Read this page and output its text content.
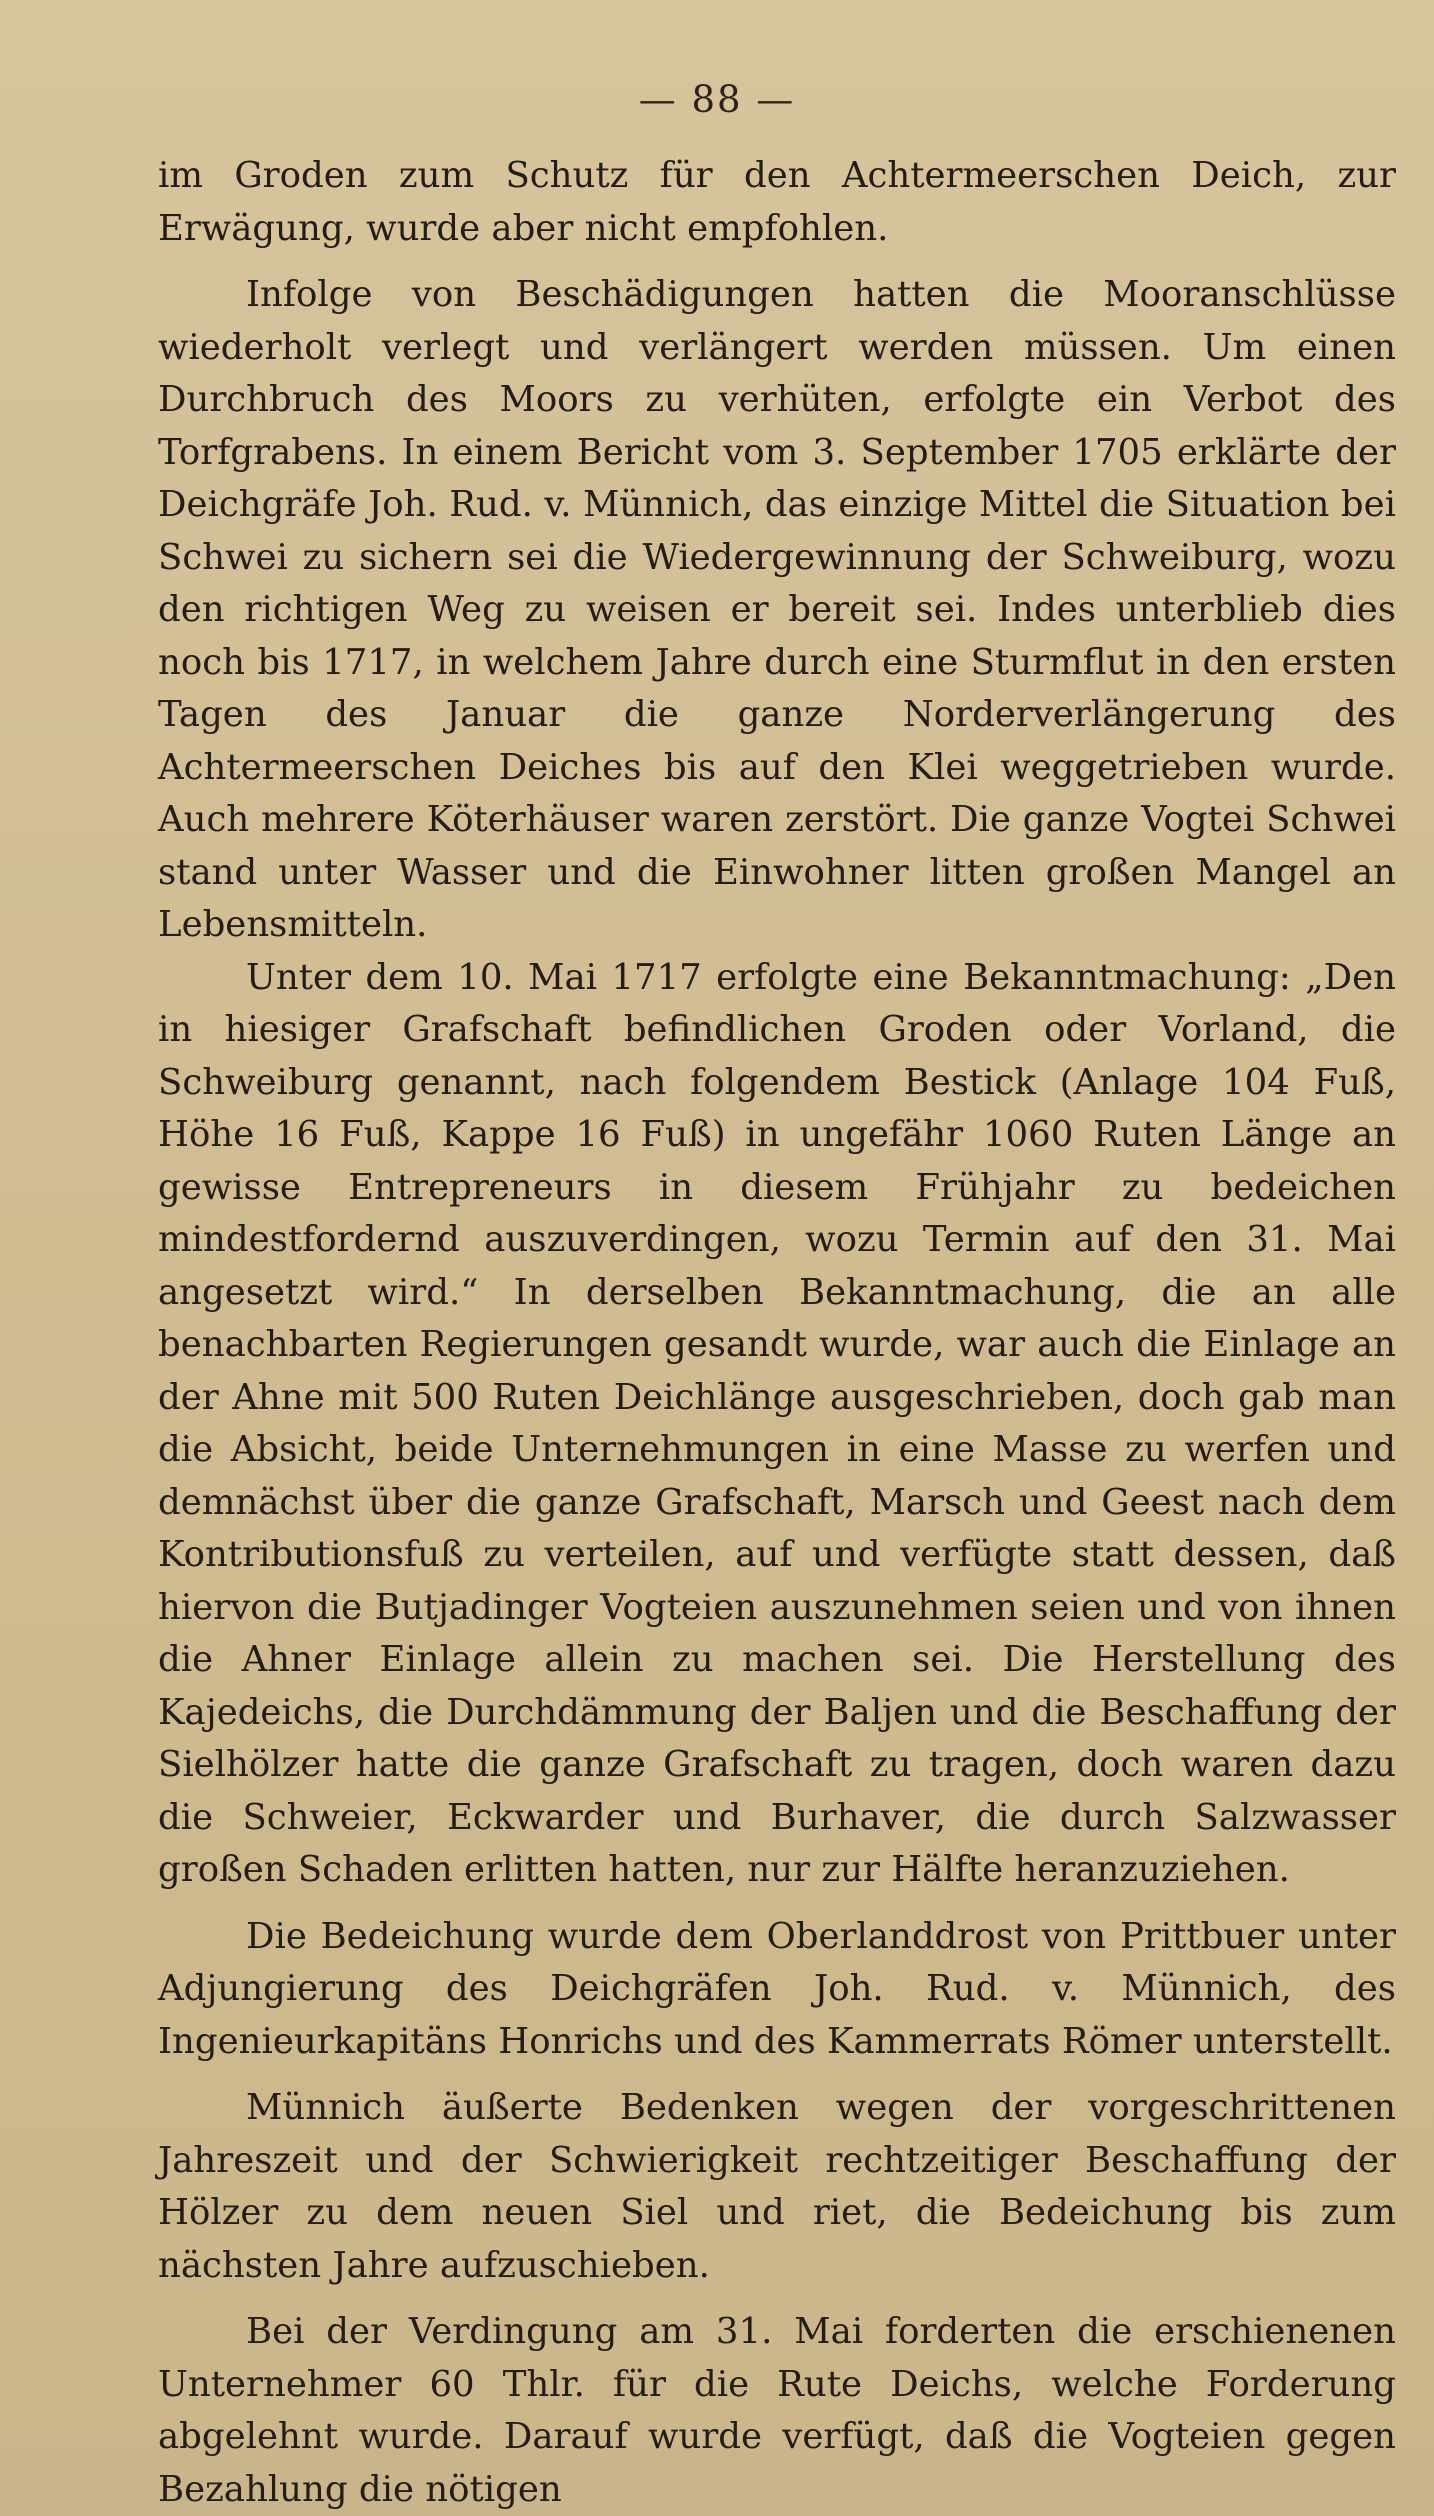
— 88 —

im Groden zum Schutz für den Achtermeerschen Deich, zur Erwägung, wurde aber nicht empfohlen.

Infolge von Beschädigungen hatten die Mooranschlüsse wiederholt verlegt und verlängert werden müssen. Um einen Durchbruch des Moors zu verhüten, erfolgte ein Verbot des Torfgrabens. In einem Bericht vom 3. September 1705 erklärte der Deichgräfe Joh. Rud. v. Münnich, das einzige Mittel die Situation bei Schwei zu sichern sei die Wiedergewinnung der Schweiburg, wozu den richtigen Weg zu weisen er bereit sei. Indes unterblieb dies noch bis 1717, in welchem Jahre durch eine Sturmflut in den ersten Tagen des Januar die ganze Norderverlängerung des Achtermeerschen Deiches bis auf den Klei weggetrieben wurde. Auch mehrere Köterhäuser waren zerstört. Die ganze Vogtei Schwei stand unter Wasser und die Einwohner litten großen Mangel an Lebensmitteln.

Unter dem 10. Mai 1717 erfolgte eine Bekanntmachung: „Den in hiesiger Grafschaft befindlichen Groden oder Vorland, die Schweiburg genannt, nach folgendem Bestick (Anlage 104 Fuß, Höhe 16 Fuß, Kappe 16 Fuß) in ungefähr 1060 Ruten Länge an gewisse Entrepreneurs in diesem Frühjahr zu bedeichen mindestfordernd auszuverdingen, wozu Termin auf den 31. Mai angesetzt wird.“ In derselben Bekanntmachung, die an alle benachbarten Regierungen gesandt wurde, war auch die Einlage an der Ahne mit 500 Ruten Deichlänge ausgeschrieben, doch gab man die Absicht, beide Unternehmungen in eine Masse zu werfen und demnächst über die ganze Grafschaft, Marsch und Geest nach dem Kontributionsfuß zu verteilen, auf und verfügte statt dessen, daß hiervon die Butjadinger Vogteien auszunehmen seien und von ihnen die Ahner Einlage allein zu machen sei. Die Herstellung des Kajedeichs, die Durchdämmung der Baljen und die Beschaffung der Sielhölzer hatte die ganze Grafschaft zu tragen, doch waren dazu die Schweier, Eckwarder und Burhaver, die durch Salzwasser großen Schaden erlitten hatten, nur zur Hälfte heranzuziehen.

Die Bedeichung wurde dem Oberlanddrost von Prittbuer unter Adjungierung des Deichgräfen Joh. Rud. v. Münnich, des Ingenieurkapitäns Honrichs und des Kammerrats Römer unterstellt.

Münnich äußerte Bedenken wegen der vorgeschrittenen Jahreszeit und der Schwierigkeit rechtzeitiger Beschaffung der Hölzer zu dem neuen Siel und riet, die Bedeichung bis zum nächsten Jahre aufzuschieben.

Bei der Verdingung am 31. Mai forderten die erschienenen Unternehmer 60 Thlr. für die Rute Deichs, welche Forderung abgelehnt wurde. Darauf wurde verfügt, daß die Vogteien gegen Bezahlung die nötigen
